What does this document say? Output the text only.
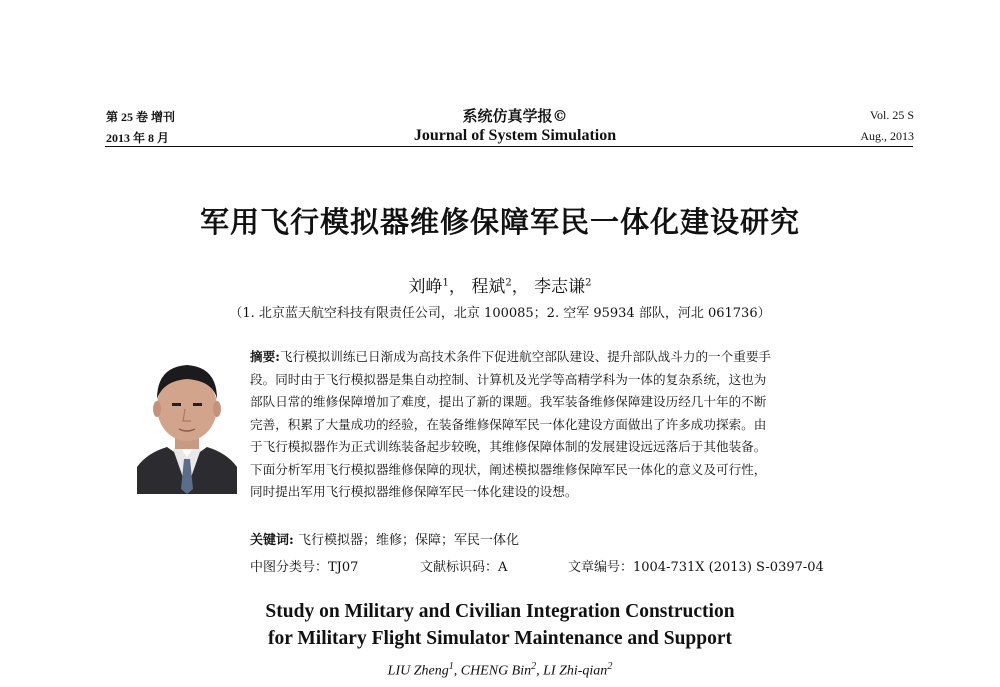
第 25 卷 增刊
2013 年 8 月
系统仿真学报©
Journal of System Simulation
Vol. 25 S
Aug., 2013
军用飞行模拟器维修保障军民一体化建设研究
刘峥$^1$， 程斌$^2$， 李志谦$^2$
（1. 北京蓝天航空科技有限责任公司，北京 100085；2. 空军 95934 部队，河北 061736）
摘要:飞行模拟训练已日渐成为高技术条件下促进航空部队建设、提升部队战斗力的一个重要手
段。同时由于飞行模拟器是集自动控制、计算机及光学等高精学科为一体的复杂系统，这也为
部队日常的维修保障增加了难度，提出了新的课题。我军装备维修保障建设历经几十年的不断
完善，积累了大量成功的经验，在装备维修保障军民一体化建设方面做出了许多成功探索。由
于飞行模拟器作为正式训练装备起步较晚，其维修保障体制的发展建设远远落后于其他装备。
下面分析军用飞行模拟器维修保障的现状，阐述模拟器维修保障军民一体化的意义及可行性，
同时提出军用飞行模拟器维修保障军民一体化建设的设想。
关键词: 飞行模拟器；维修；保障；军民一体化
中图分类号：TJ07	文献标识码：A	文章编号：1004-731X (2013) S-0397-04
Study on Military and Civilian Integration Construction
for Military Flight Simulator Maintenance and Support
LIU Zheng$^1$, CHENG Bin$^2$, LI Zhi-qian$^2$
